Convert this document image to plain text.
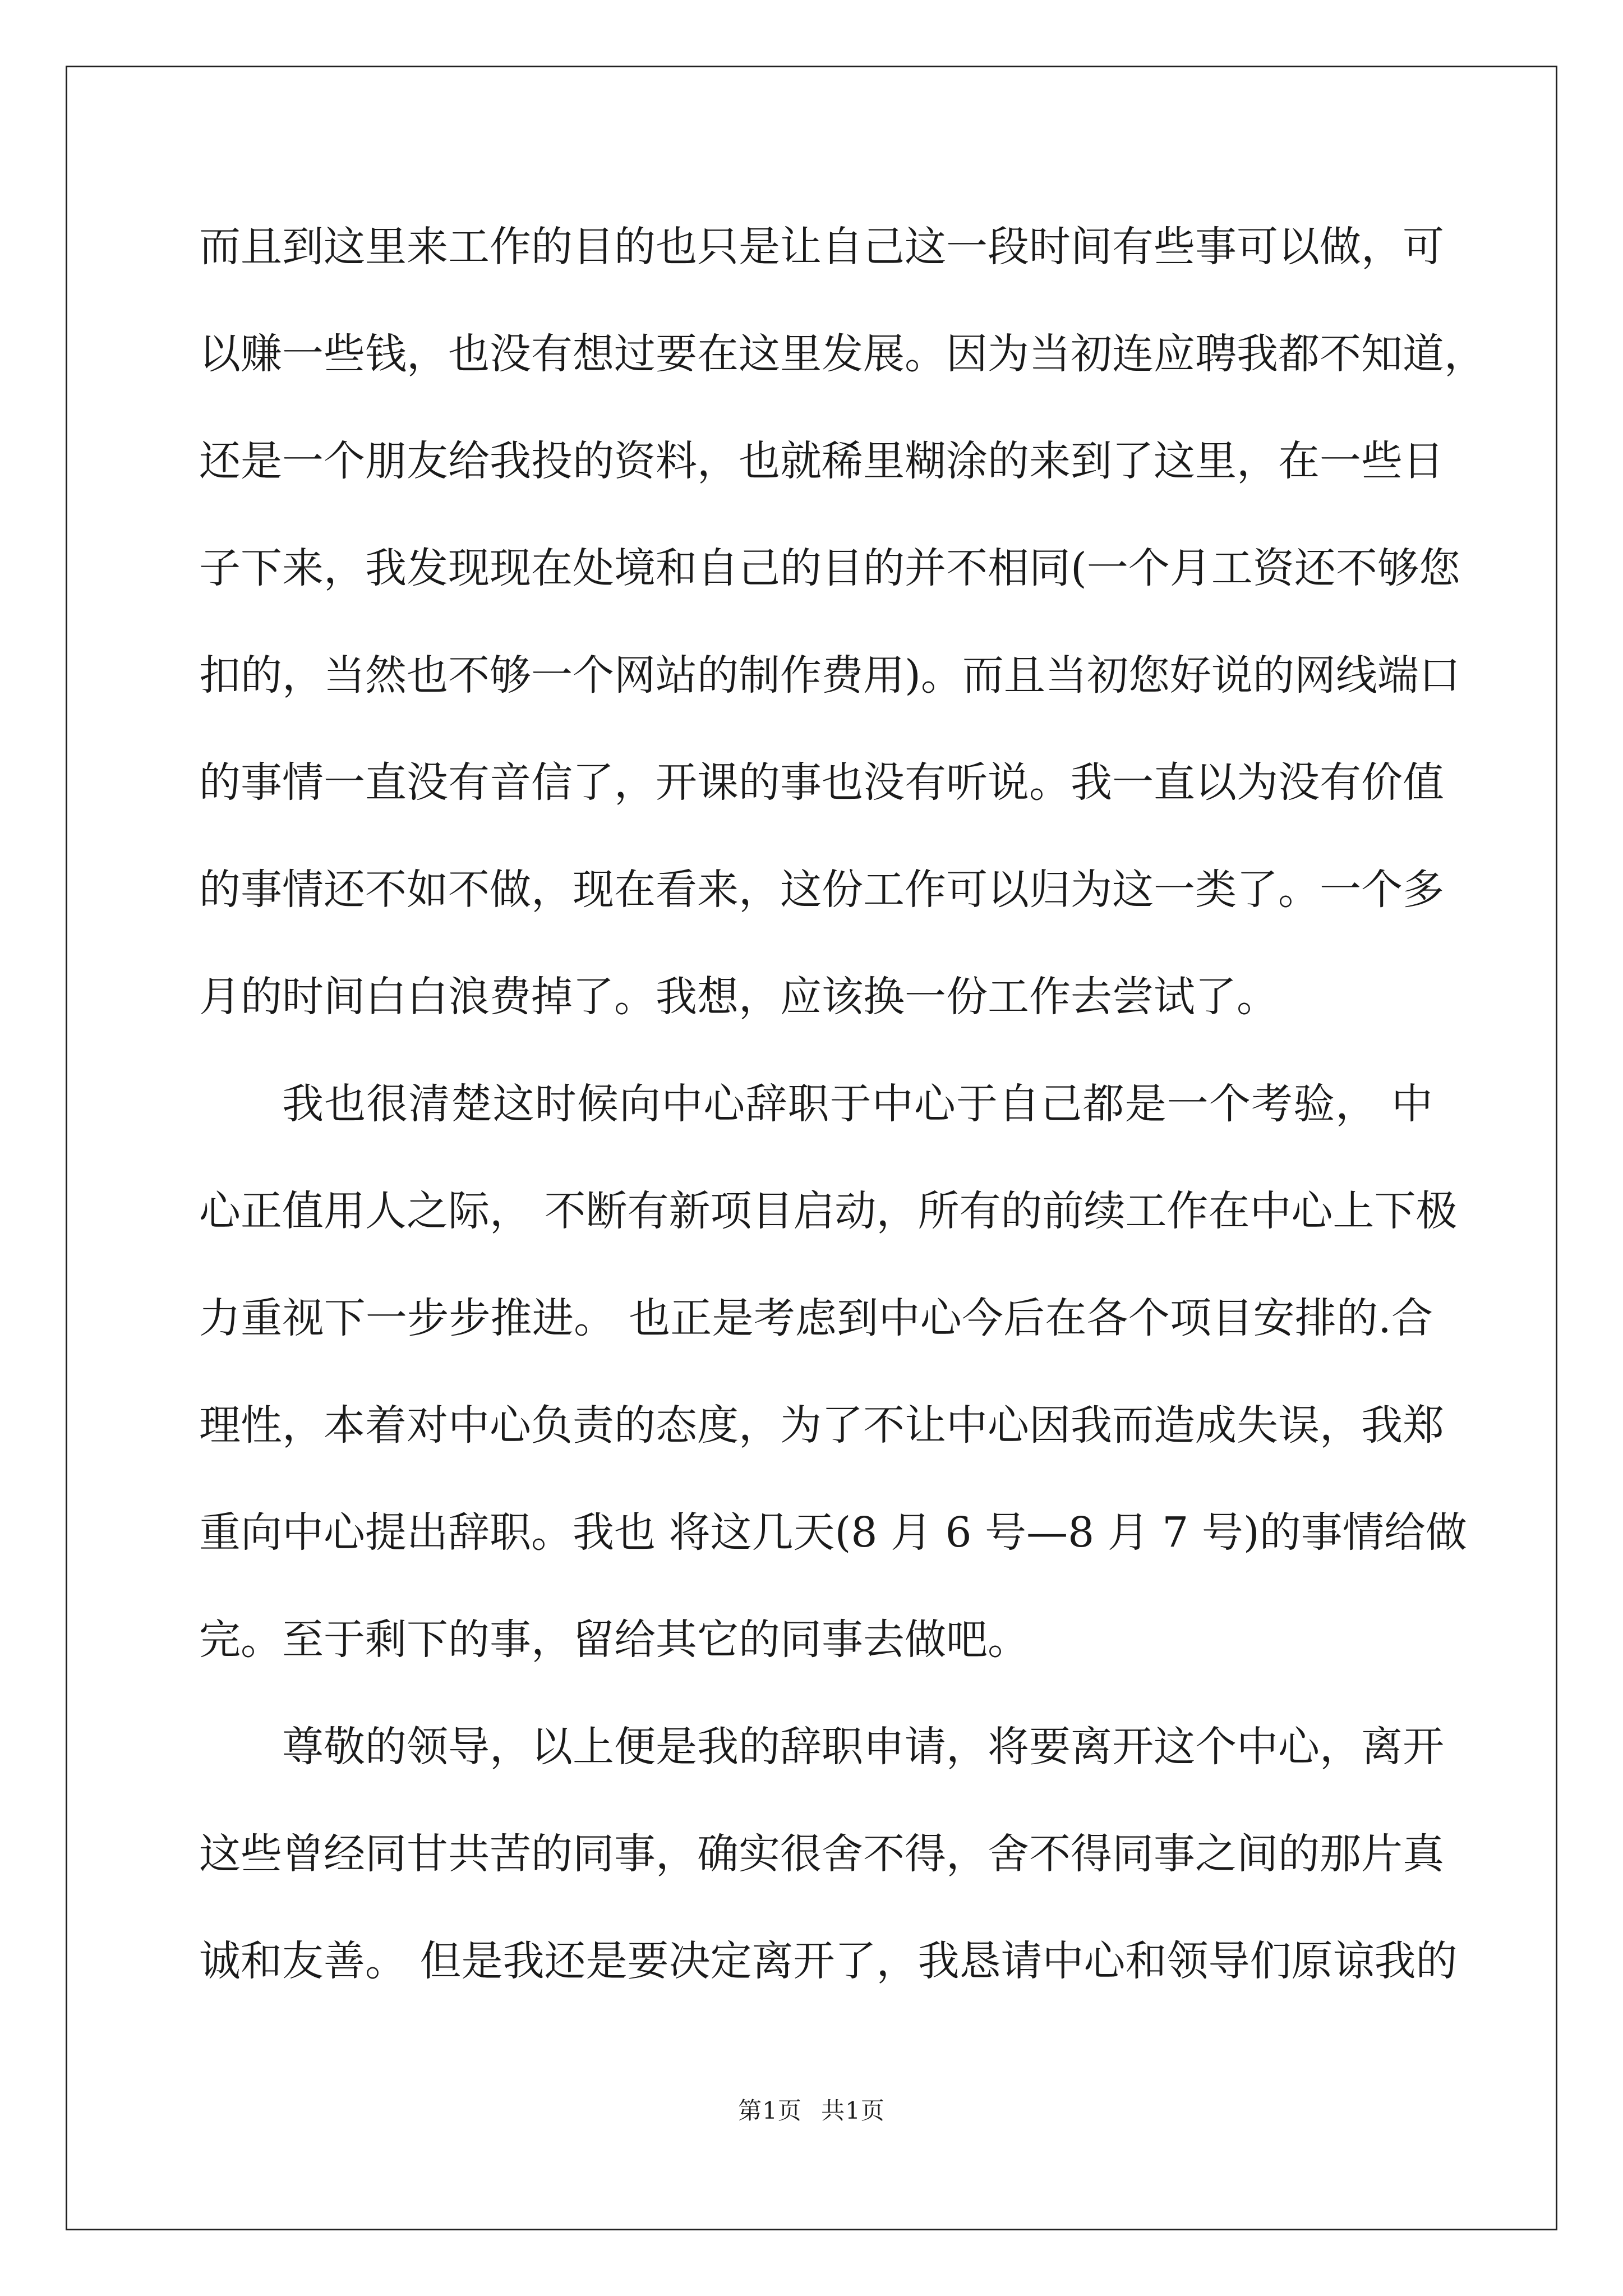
而且到这里来工作的目的也只是让自己这一段时间有些事可以做，可
以赚一些钱，也没有想过要在这里发展。因为当初连应聘我都不知道，
还是一个朋友给我投的资料，也就稀里糊涂的来到了这里，在一些日
子下来，我发现现在处境和自己的目的并不相同(一个月工资还不够您
扣的，当然也不够一个网站的制作费用)。而且当初您好说的网线端口
的事情一直没有音信了，开课的事也没有听说。我一直以为没有价值
的事情还不如不做，现在看来，这份工作可以归为这一类了。一个多
月的时间白白浪费掉了。我想，应该换一份工作去尝试了。
我也很清楚这时候向中心辞职于中心于自己都是一个考验， 中
心正值用人之际， 不断有新项目启动，所有的前续工作在中心上下极
力重视下一步步推进。 也正是考虑到中心今后在各个项目安排的.合
理性，本着对中心负责的态度，为了不让中心因我而造成失误，我郑
重向中心提出辞职。我也 将这几天(8 月 6 号—8 月 7 号)的事情给做
完。至于剩下的事，留给其它的同事去做吧。
尊敬的领导，以上便是我的辞职申请，将要离开这个中心，离开
这些曾经同甘共苦的同事，确实很舍不得，舍不得同事之间的那片真
诚和友善。 但是我还是要决定离开了，我恳请中心和领导们原谅我的
第1页 共1页
